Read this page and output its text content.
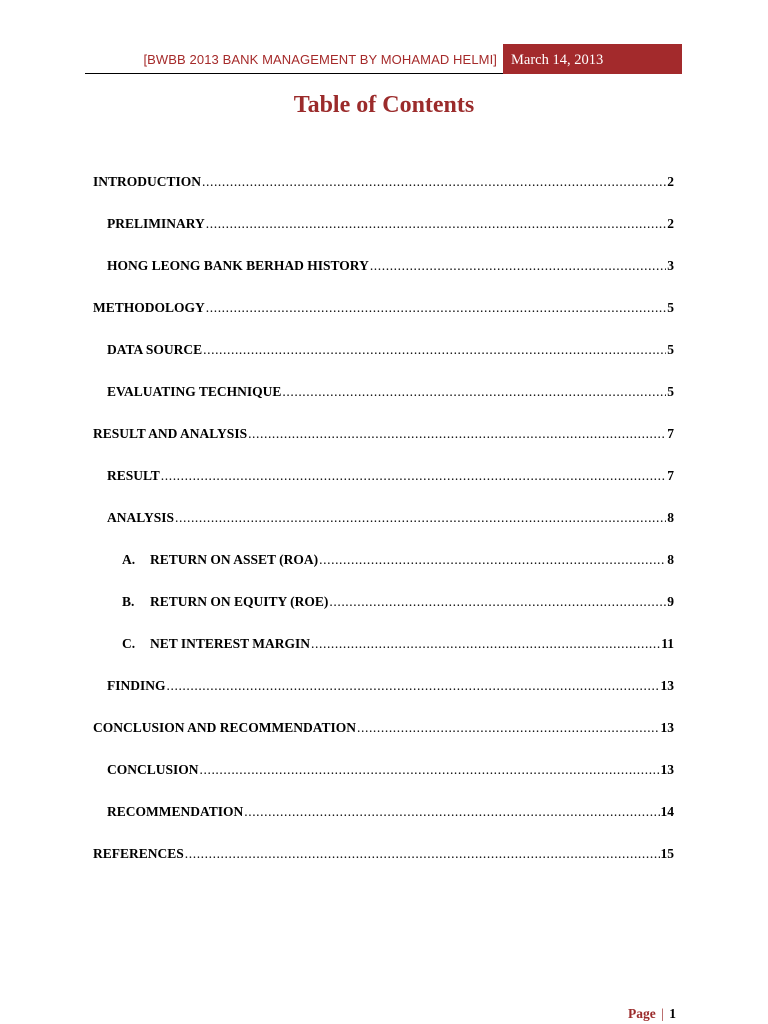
[BWBB 2013 BANK MANAGEMENT BY MOHAMAD HELMI] March 14, 2013
Table of Contents
INTRODUCTION .....	2
PRELIMINARY .....	2
HONG LEONG BANK BERHAD HISTORY .....	3
METHODOLOGY .....	5
DATA SOURCE .....	5
EVALUATING TECHNIQUE .....	5
RESULT AND ANALYSIS .....	7
RESULT .....	7
ANALYSIS .....	8
A. RETURN ON ASSET (ROA) .....	8
B. RETURN ON EQUITY (ROE) .....	9
C. NET INTEREST MARGIN .....	11
FINDING .....	13
CONCLUSION AND RECOMMENDATION .....	13
CONCLUSION .....	13
RECOMMENDATION .....	14
REFERENCES .....	15
Page | 1
